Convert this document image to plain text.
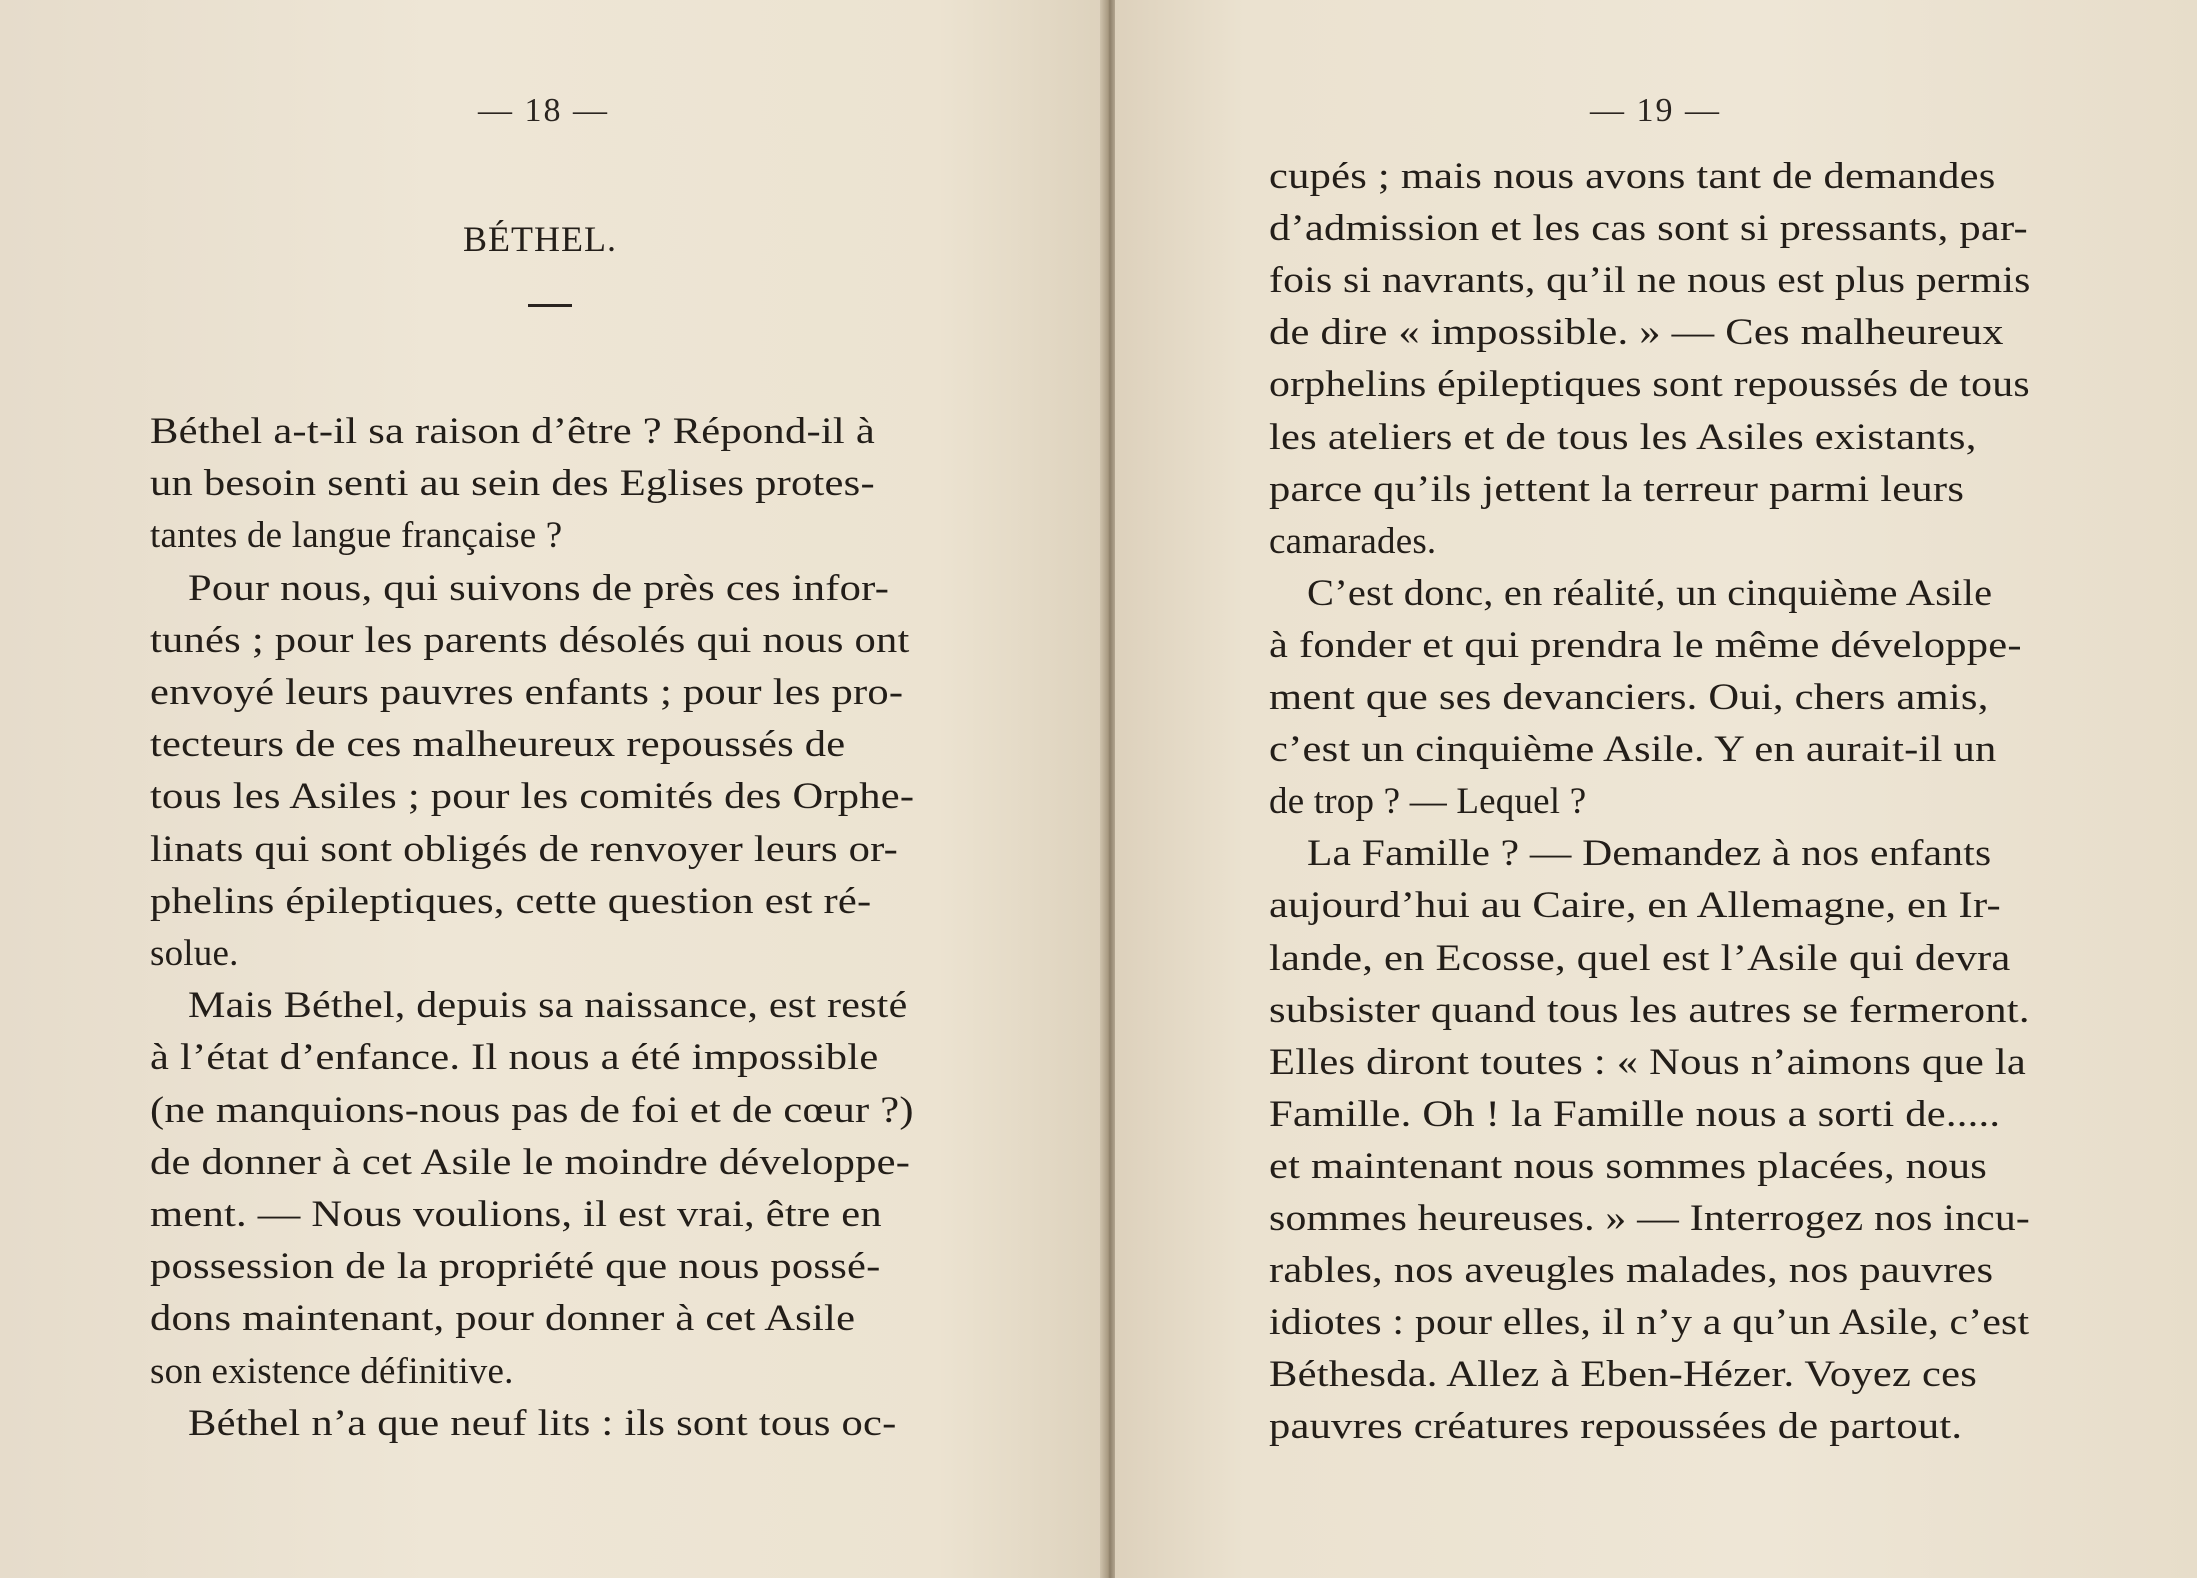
— 18 —
BÉTHEL.
Béthel a-t-il sa raison d’être ? Répond-il à
un besoin senti au sein des Eglises protes-
tantes de langue française ?
Pour nous, qui suivons de près ces infor-
tunés ; pour les parents désolés qui nous ont
envoyé leurs pauvres enfants ; pour les pro-
tecteurs de ces malheureux repoussés de
tous les Asiles ; pour les comités des Orphe-
linats qui sont obligés de renvoyer leurs or-
phelins épileptiques, cette question est ré-
solue.
Mais Béthel, depuis sa naissance, est resté
à l’état d’enfance. Il nous a été impossible
(ne manquions-nous pas de foi et de cœur ?)
de donner à cet Asile le moindre développe-
ment. — Nous voulions, il est vrai, être en
possession de la propriété que nous possé-
dons maintenant, pour donner à cet Asile
son existence définitive.
Béthel n’a que neuf lits : ils sont tous oc-
— 19 —
cupés ; mais nous avons tant de demandes
d’admission et les cas sont si pressants, par-
fois si navrants, qu’il ne nous est plus permis
de dire « impossible. » — Ces malheureux
orphelins épileptiques sont repoussés de tous
les ateliers et de tous les Asiles existants,
parce qu’ils jettent la terreur parmi leurs
camarades.
C’est donc, en réalité, un cinquième Asile
à fonder et qui prendra le même développe-
ment que ses devanciers. Oui, chers amis,
c’est un cinquième Asile. Y en aurait-il un
de trop ? — Lequel ?
La Famille ? — Demandez à nos enfants
aujourd’hui au Caire, en Allemagne, en Ir-
lande, en Ecosse, quel est l’Asile qui devra
subsister quand tous les autres se fermeront.
Elles diront toutes : « Nous n’aimons que la
Famille. Oh ! la Famille nous a sorti de.....
et maintenant nous sommes placées, nous
sommes heureuses. » — Interrogez nos incu-
rables, nos aveugles malades, nos pauvres
idiotes : pour elles, il n’y a qu’un Asile, c’est
Béthesda. Allez à Eben-Hézer. Voyez ces
pauvres créatures repoussées de partout.
